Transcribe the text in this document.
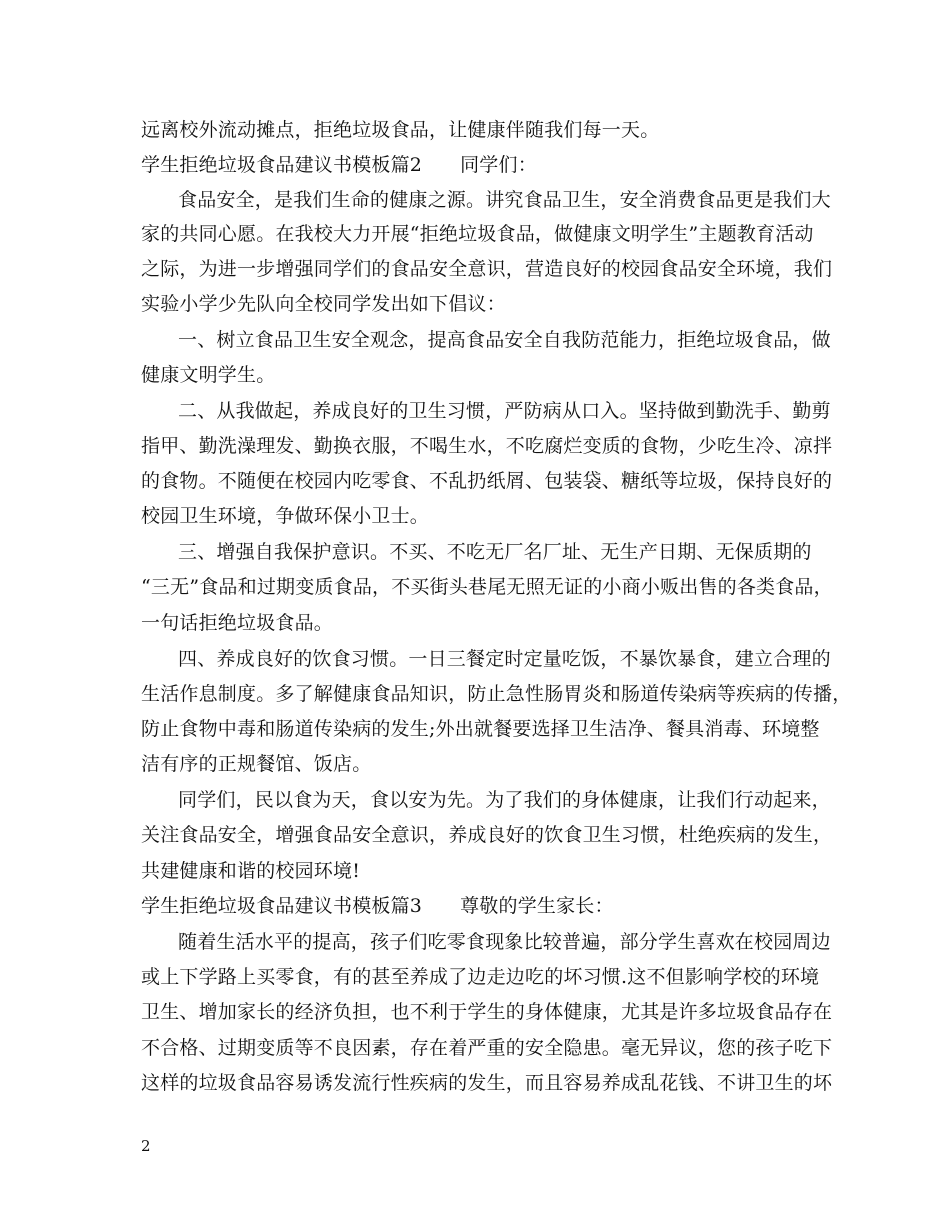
远离校外流动摊点，拒绝垃圾食品，让健康伴随我们每一天。
学生拒绝垃圾食品建议书模板篇2 同学们：
食品安全，是我们生命的健康之源。讲究食品卫生，安全消费食品更是我们大
家的共同心愿。在我校大力开展“拒绝垃圾食品，做健康文明学生”主题教育活动
之际，为进一步增强同学们的食品安全意识，营造良好的校园食品安全环境，我们
实验小学少先队向全校同学发出如下倡议：
一、树立食品卫生安全观念，提高食品安全自我防范能力，拒绝垃圾食品，做
健康文明学生。
二、从我做起，养成良好的卫生习惯，严防病从口入。坚持做到勤洗手、勤剪
指甲、勤洗澡理发、勤换衣服，不喝生水，不吃腐烂变质的食物，少吃生冷、凉拌
的食物。不随便在校园内吃零食、不乱扔纸屑、包装袋、糖纸等垃圾，保持良好的
校园卫生环境，争做环保小卫士。
三、增强自我保护意识。不买、不吃无厂名厂址、无生产日期、无保质期的
“三无”食品和过期变质食品，不买街头巷尾无照无证的小商小贩出售的各类食品，
一句话拒绝垃圾食品。
四、养成良好的饮食习惯。一日三餐定时定量吃饭，不暴饮暴食，建立合理的
生活作息制度。多了解健康食品知识，防止急性肠胃炎和肠道传染病等疾病的传播，
防止食物中毒和肠道传染病的发生;外出就餐要选择卫生洁净、餐具消毒、环境整
洁有序的正规餐馆、饭店。
同学们，民以食为天，食以安为先。为了我们的身体健康，让我们行动起来，
关注食品安全，增强食品安全意识，养成良好的饮食卫生习惯，杜绝疾病的发生，
共建健康和谐的校园环境!
学生拒绝垃圾食品建议书模板篇3 尊敬的学生家长：
随着生活水平的提高，孩子们吃零食现象比较普遍，部分学生喜欢在校园周边
或上下学路上买零食，有的甚至养成了边走边吃的坏习惯.这不但影响学校的环境
卫生、增加家长的经济负担，也不利于学生的身体健康，尤其是许多垃圾食品存在
不合格、过期变质等不良因素，存在着严重的安全隐患。毫无异议，您的孩子吃下
这样的垃圾食品容易诱发流行性疾病的发生，而且容易养成乱花钱、不讲卫生的坏
2
